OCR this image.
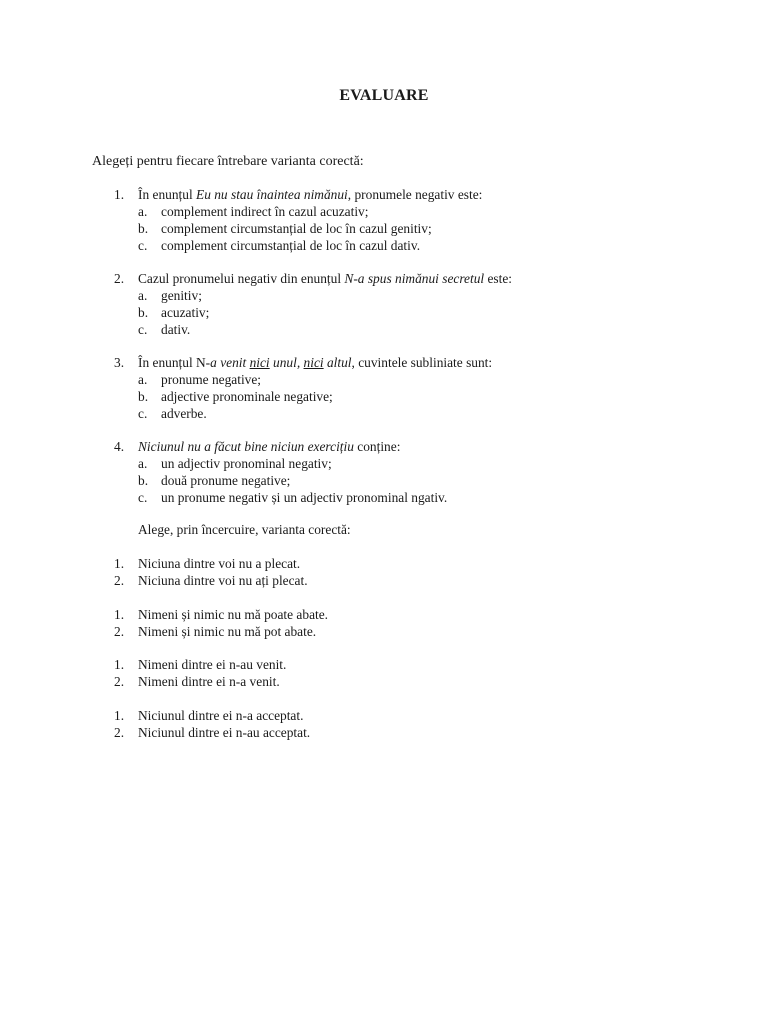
EVALUARE
Alegeți pentru fiecare întrebare varianta corectă:
1. În enunțul Eu nu stau înaintea nimănui, pronumele negativ este:
a. complement indirect în cazul acuzativ;
b. complement circumstanțial de loc în cazul genitiv;
c. complement circumstanțial de loc în cazul dativ.
2. Cazul pronumelui negativ din enunțul N-a spus nimănui secretul este:
a. genitiv;
b. acuzativ;
c. dativ.
3. În enunțul N-a venit nici unul, nici altul, cuvintele subliniate sunt:
a. pronume negative;
b. adjective pronominale negative;
c. adverbe.
4. Niciunul nu a făcut bine niciun exercițiu conține:
a. un adjectiv pronominal negativ;
b. două pronume negative;
c. un pronume negativ și un adjectiv pronominal ngativ.
Alege, prin încercuire, varianta corectă:
1. Niciuna dintre voi nu a plecat.
2. Niciuna dintre voi nu ați plecat.
1. Nimeni și nimic nu mă poate abate.
2. Nimeni și nimic nu mă pot abate.
1. Nimeni dintre ei n-au venit.
2. Nimeni dintre ei n-a venit.
1. Niciunul dintre ei n-a acceptat.
2. Niciunul dintre ei n-au acceptat.
